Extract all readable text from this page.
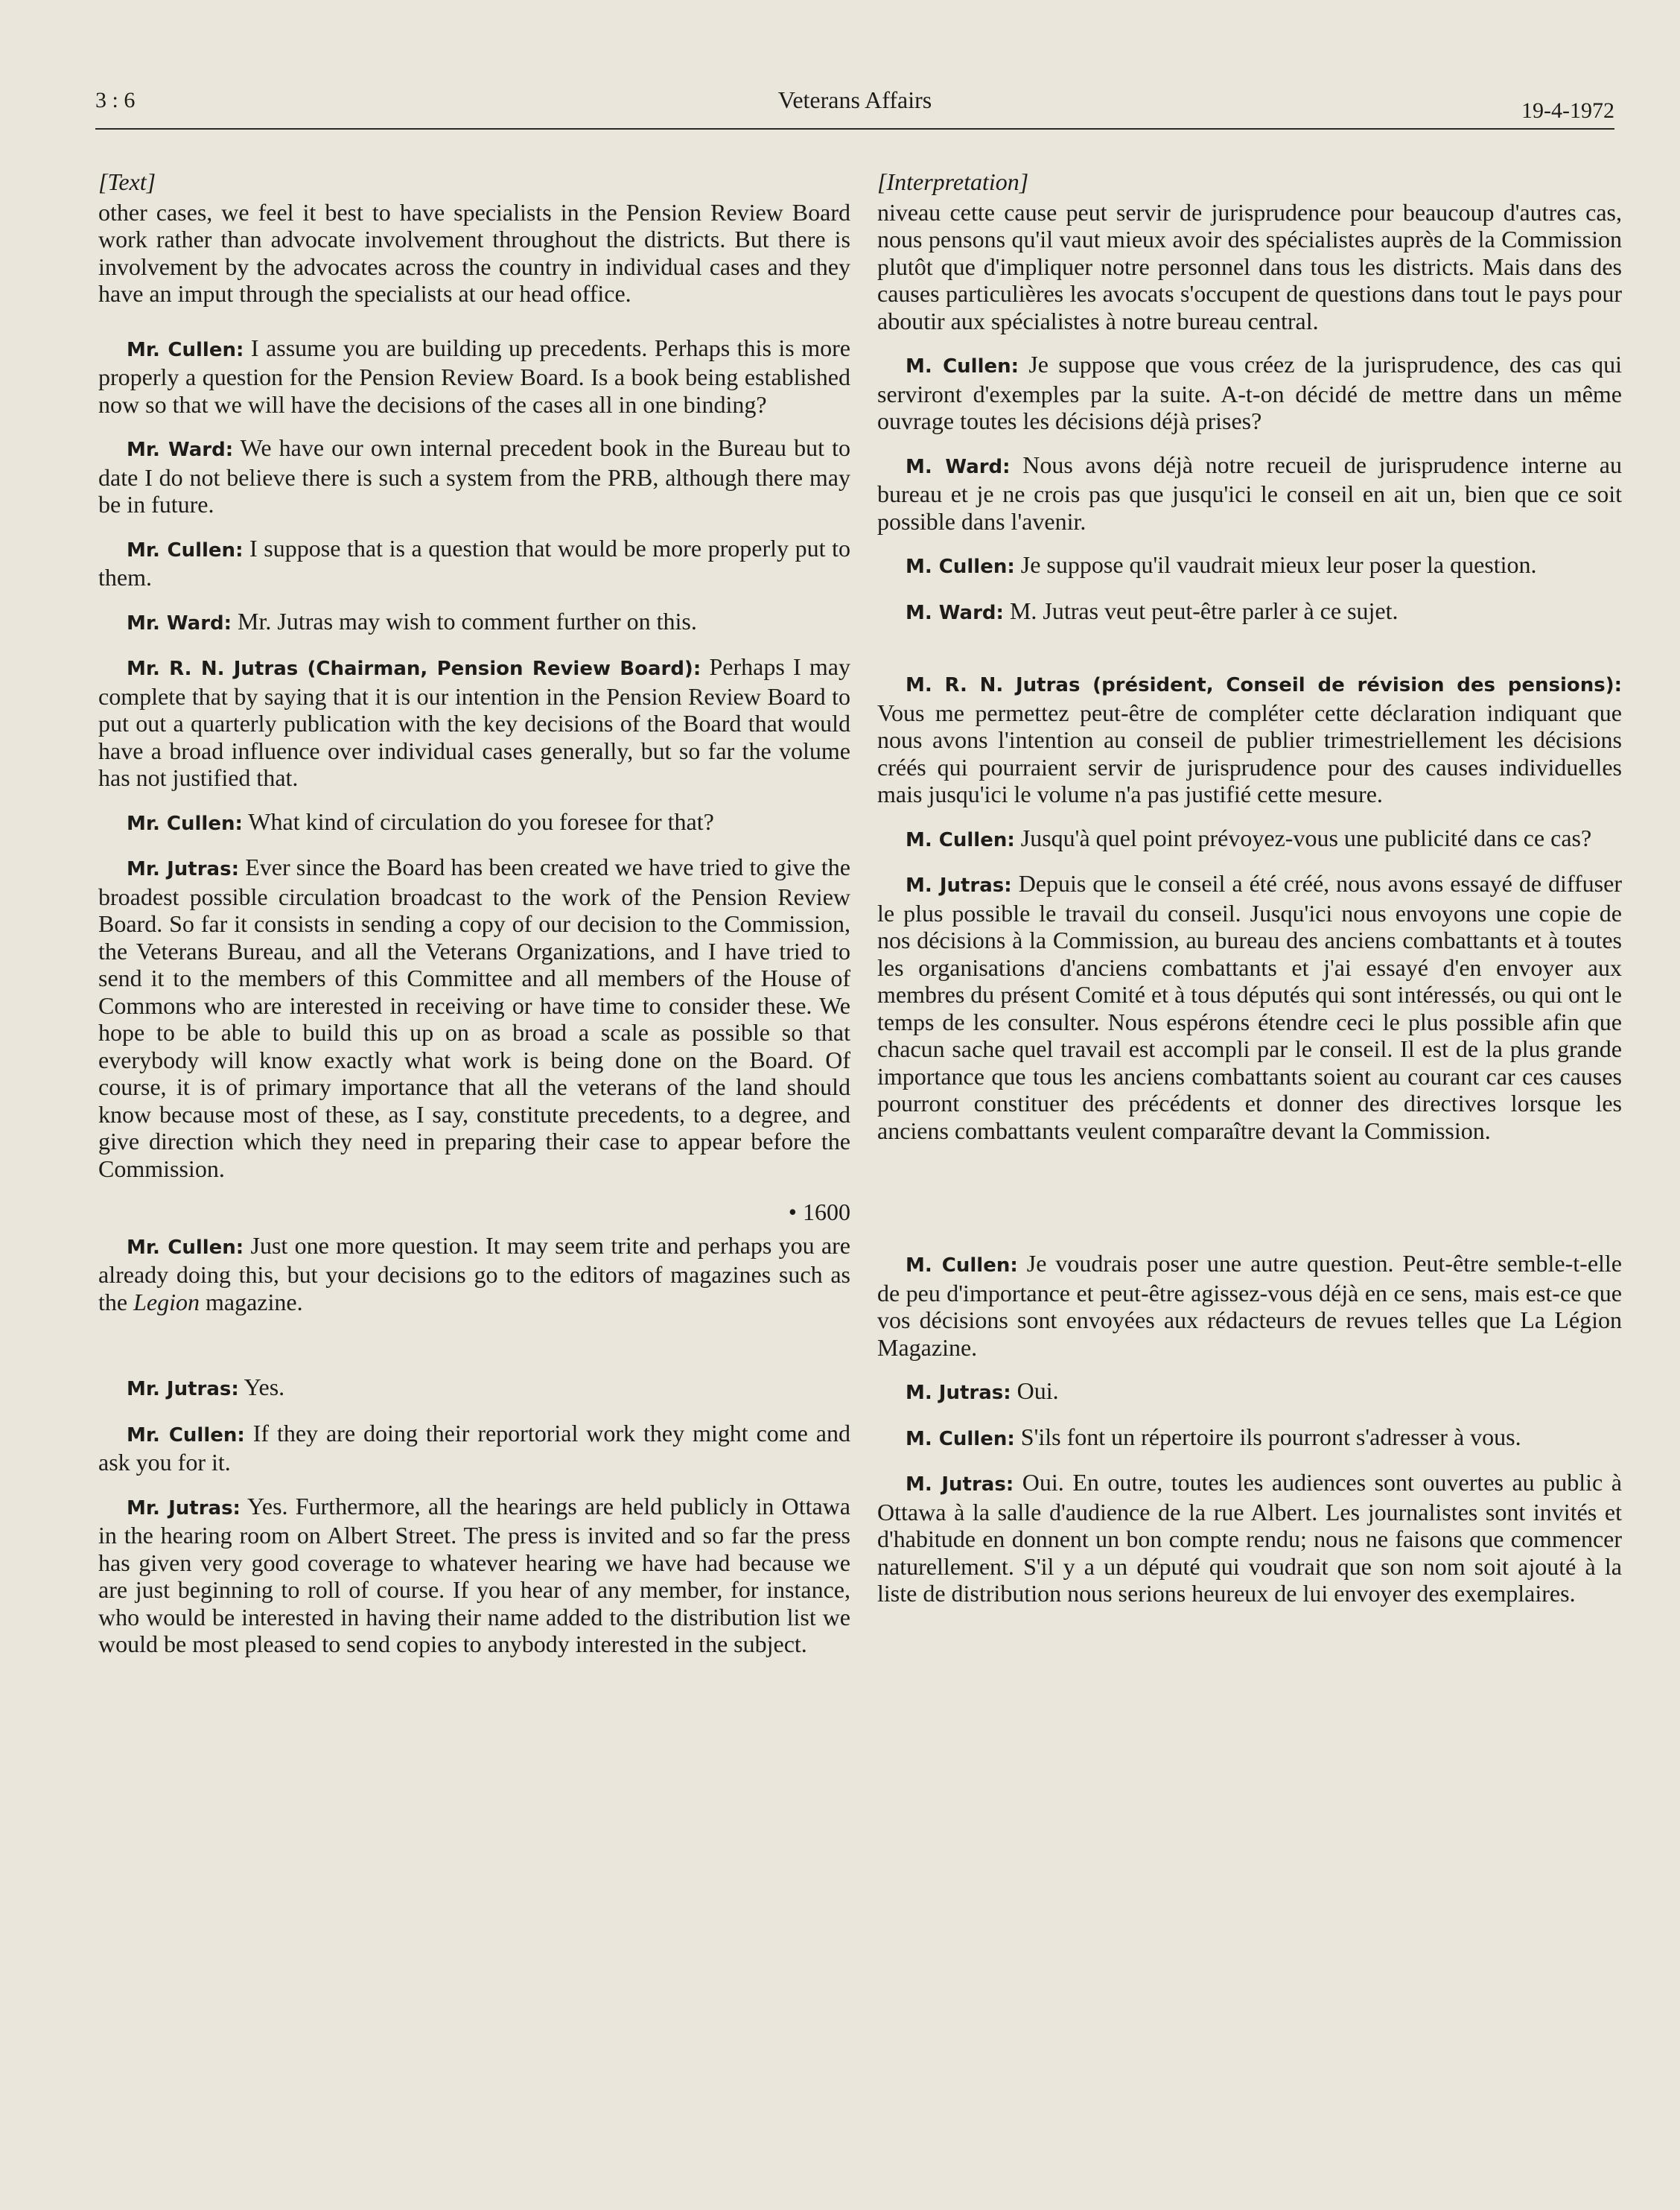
3 : 6	Veterans Affairs	19-4-1972

[Text]

other cases, we feel it best to have specialists in the Pension Review Board work rather than advocate involvement throughout the districts. But there is involvement by the advocates across the country in individual cases and they have an imput through the specialists at our head office.

Mr. Cullen: I assume you are building up precedents. Perhaps this is more properly a question for the Pension Review Board. Is a book being established now so that we will have the decisions of the cases all in one binding?

Mr. Ward: We have our own internal precedent book in the Bureau but to date I do not believe there is such a system from the PRB, although there may be in future.

Mr. Cullen: I suppose that is a question that would be more properly put to them.

Mr. Ward: Mr. Jutras may wish to comment further on this.

Mr. R. N. Jutras (Chairman, Pension Review Board): Perhaps I may complete that by saying that it is our intention in the Pension Review Board to put out a quarterly publication with the key decisions of the Board that would have a broad influence over individual cases generally, but so far the volume has not justified that.

Mr. Cullen: What kind of circulation do you foresee for that?

Mr. Jutras: Ever since the Board has been created we have tried to give the broadest possible circulation broadcast to the work of the Pension Review Board. So far it consists in sending a copy of our decision to the Commission, the Veterans Bureau, and all the Veterans Organizations, and I have tried to send it to the members of this Committee and all members of the House of Commons who are interested in receiving or have time to consider these. We hope to be able to build this up on as broad a scale as possible so that everybody will know exactly what work is being done on the Board. Of course, it is of primary importance that all the veterans of the land should know because most of these, as I say, constitute precedents, to a degree, and give direction which they need in preparing their case to appear before the Commission.

• 1600

Mr. Cullen: Just one more question. It may seem trite and perhaps you are already doing this, but your decisions go to the editors of magazines such as the Legion magazine.

Mr. Jutras: Yes.

Mr. Cullen: If they are doing their reportorial work they might come and ask you for it.

Mr. Jutras: Yes. Furthermore, all the hearings are held publicly in Ottawa in the hearing room on Albert Street. The press is invited and so far the press has given very good coverage to whatever hearing we have had because we are just beginning to roll of course. If you hear of any member, for instance, who would be interested in having their name added to the distribution list we would be most pleased to send copies to anybody interested in the subject.

[Interpretation]

niveau cette cause peut servir de jurisprudence pour beaucoup d'autres cas, nous pensons qu'il vaut mieux avoir des spécialistes auprès de la Commission plutôt que d'impliquer notre personnel dans tous les districts. Mais dans des causes particulières les avocats s'occupent de questions dans tout le pays pour aboutir aux spécialistes à notre bureau central.

M. Cullen: Je suppose que vous créez de la jurisprudence, des cas qui serviront d'exemples par la suite. A-t-on décidé de mettre dans un même ouvrage toutes les décisions déjà prises?

M. Ward: Nous avons déjà notre recueil de jurisprudence interne au bureau et je ne crois pas que jusqu'ici le conseil en ait un, bien que ce soit possible dans l'avenir.

M. Cullen: Je suppose qu'il vaudrait mieux leur poser la question.

M. Ward: M. Jutras veut peut-être parler à ce sujet.

M. R. N. Jutras (président, Conseil de révision des pensions): Vous me permettez peut-être de compléter cette déclaration indiquant que nous avons l'intention au conseil de publier trimestriellement les décisions créés qui pourraient servir de jurisprudence pour des causes individuelles mais jusqu'ici le volume n'a pas justifié cette mesure.

M. Cullen: Jusqu'à quel point prévoyez-vous une publicité dans ce cas?

M. Jutras: Depuis que le conseil a été créé, nous avons essayé de diffuser le plus possible le travail du conseil. Jusqu'ici nous envoyons une copie de nos décisions à la Commission, au bureau des anciens combattants et à toutes les organisations d'anciens combattants et j'ai essayé d'en envoyer aux membres du présent Comité et à tous députés qui sont intéressés, ou qui ont le temps de les consulter. Nous espérons étendre ceci le plus possible afin que chacun sache quel travail est accompli par le conseil. Il est de la plus grande importance que tous les anciens combattants soient au courant car ces causes pourront constituer des précédents et donner des directives lorsque les anciens combattants veulent comparaître devant la Commission.

M. Cullen: Je voudrais poser une autre question. Peut-être semble-t-elle de peu d'importance et peut-être agissez-vous déjà en ce sens, mais est-ce que vos décisions sont envoyées aux rédacteurs de revues telles que La Légion Magazine.

M. Jutras: Oui.

M. Cullen: S'ils font un répertoire ils pourront s'adresser à vous.

M. Jutras: Oui. En outre, toutes les audiences sont ouvertes au public à Ottawa à la salle d'audience de la rue Albert. Les journalistes sont invités et d'habitude en donnent un bon compte rendu; nous ne faisons que commencer naturellement. S'il y a un député qui voudrait que son nom soit ajouté à la liste de distribution nous serions heureux de lui envoyer des exemplaires.
